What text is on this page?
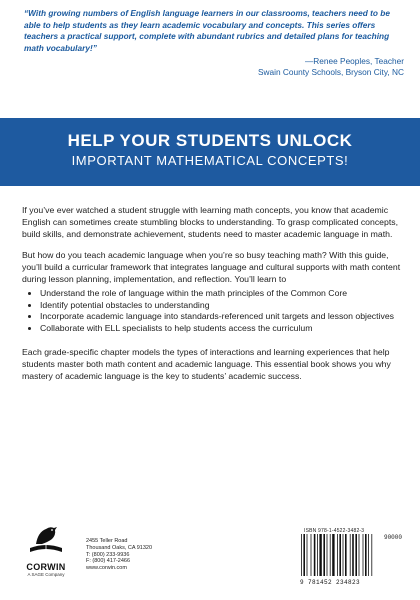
“With growing numbers of English language learners in our classrooms, teachers need to be able to help students as they learn academic vocabulary and concepts. This series offers teachers a practical support, complete with abundant rubrics and detailed plans for teaching math vocabulary!”

—Renee Peoples, Teacher
Swain County Schools, Bryson City, NC
HELP YOUR STUDENTS UNLOCK
IMPORTANT MATHEMATICAL CONCEPTS!

If you’ve ever watched a student struggle with learning math concepts, you know that academic English can sometimes create stumbling blocks to understanding. To grasp complicated concepts, build skills, and demonstrate achievement, students need to master academic language in math.

But how do you teach academic language when you’re so busy teaching math? With this guide, you’ll build a curricular framework that integrates language and cultural supports with math content during lesson planning, implementation, and reflection. You’ll learn to

• Understand the role of language within the math principles of the Common Core
• Identify potential obstacles to understanding
• Incorporate academic language into standards-referenced unit targets and lesson objectives
• Collaborate with ELL specialists to help students access the curriculum

Each grade-specific chapter models the types of interactions and learning experiences that help students master both math content and academic language. This essential book shows you why mastery of academic language is the key to students’ academic success.

CORWIN
A SAGE Company
2455 Teller Road
Thousand Oaks, CA 91320
T: (800) 233-9936
F: (800) 417-2466
www.corwin.com
ISBN 978-1-4522-3482-3
90000
9 781452 234823
